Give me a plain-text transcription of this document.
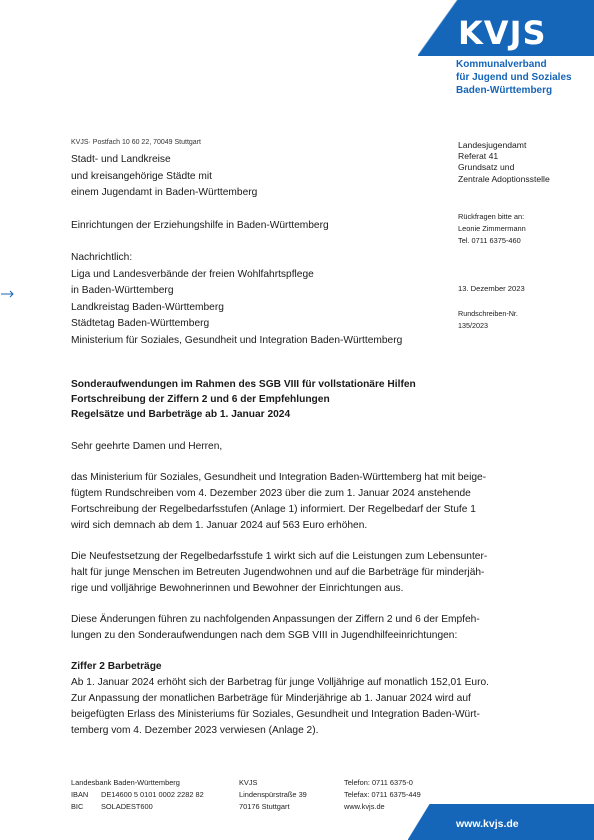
KVJS
Kommunalverband
für Jugend und Soziales
Baden-Württemberg
KVJS· Postfach 10 60 22, 70049 Stuttgart

Stadt- und Landkreise

und kreisangehörige Städte mit

einem Jugendamt in Baden-Württemberg

Einrichtungen der Erziehungshilfe in Baden-Württemberg

Nachrichtlich:

Liga und Landesverbände der freien Wohlfahrtspflege

in Baden-Württemberg

Landkreistag Baden-Württemberg

Städtetag Baden-Württemberg

Ministerium für Soziales, Gesundheit und Integration Baden-Württemberg

Landesjugendamt

Referat 41

Grundsatz und

Zentrale Adoptionsstelle

Rückfragen bitte an:

Leonie Zimmermann

Tel. 0711 6375-460

13. Dezember 2023

Rundschreiben-Nr.

135/2023

Sonderaufwendungen im Rahmen des SGB VIII für vollstationäre Hilfen

Fortschreibung der Ziffern 2 und 6 der Empfehlungen

Regelsätze und Barbeträge ab 1. Januar 2024

Sehr geehrte Damen und Herren,

das Ministerium für Soziales, Gesundheit und Integration Baden-Württemberg hat mit beige-

fügtem Rundschreiben vom 4. Dezember 2023 über die zum 1. Januar 2024 anstehende

Fortschreibung der Regelbedarfsstufen (Anlage 1) informiert. Der Regelbedarf der Stufe 1

wird sich demnach ab dem 1. Januar 2024 auf 563 Euro erhöhen.

Die Neufestsetzung der Regelbedarfsstufe 1 wirkt sich auf die Leistungen zum Lebensunter-

halt für junge Menschen im Betreuten Jugendwohnen und auf die Barbeträge für minderjäh-

rige und volljährige Bewohnerinnen und Bewohner der Einrichtungen aus.

Diese Änderungen führen zu nachfolgenden Anpassungen der Ziffern 2 und 6 der Empfeh-

lungen zu den Sonderaufwendungen nach dem SGB VIII in Jugendhilfeeinrichtungen:

Ziffer 2 Barbeträge

Ab 1. Januar 2024 erhöht sich der Barbetrag für junge Volljährige auf monatlich 152,01 Euro.

Zur Anpassung der monatlichen Barbeträge für Minderjährige ab 1. Januar 2024 wird auf

beigefügten Erlass des Ministeriums für Soziales, Gesundheit und Integration Baden-Würt-

temberg vom 4. Dezember 2023 verwiesen (Anlage 2).

Landesbank Baden-Württemberg

IBAN DE14600 5 0101 0002 2282 82

BIC SOLADEST600

KVJS

Lindenspürstraße 39

70176 Stuttgart

Telefon: 0711 6375-0

Telefax: 0711 6375-449

www.kvjs.de

www.kvjs.de
